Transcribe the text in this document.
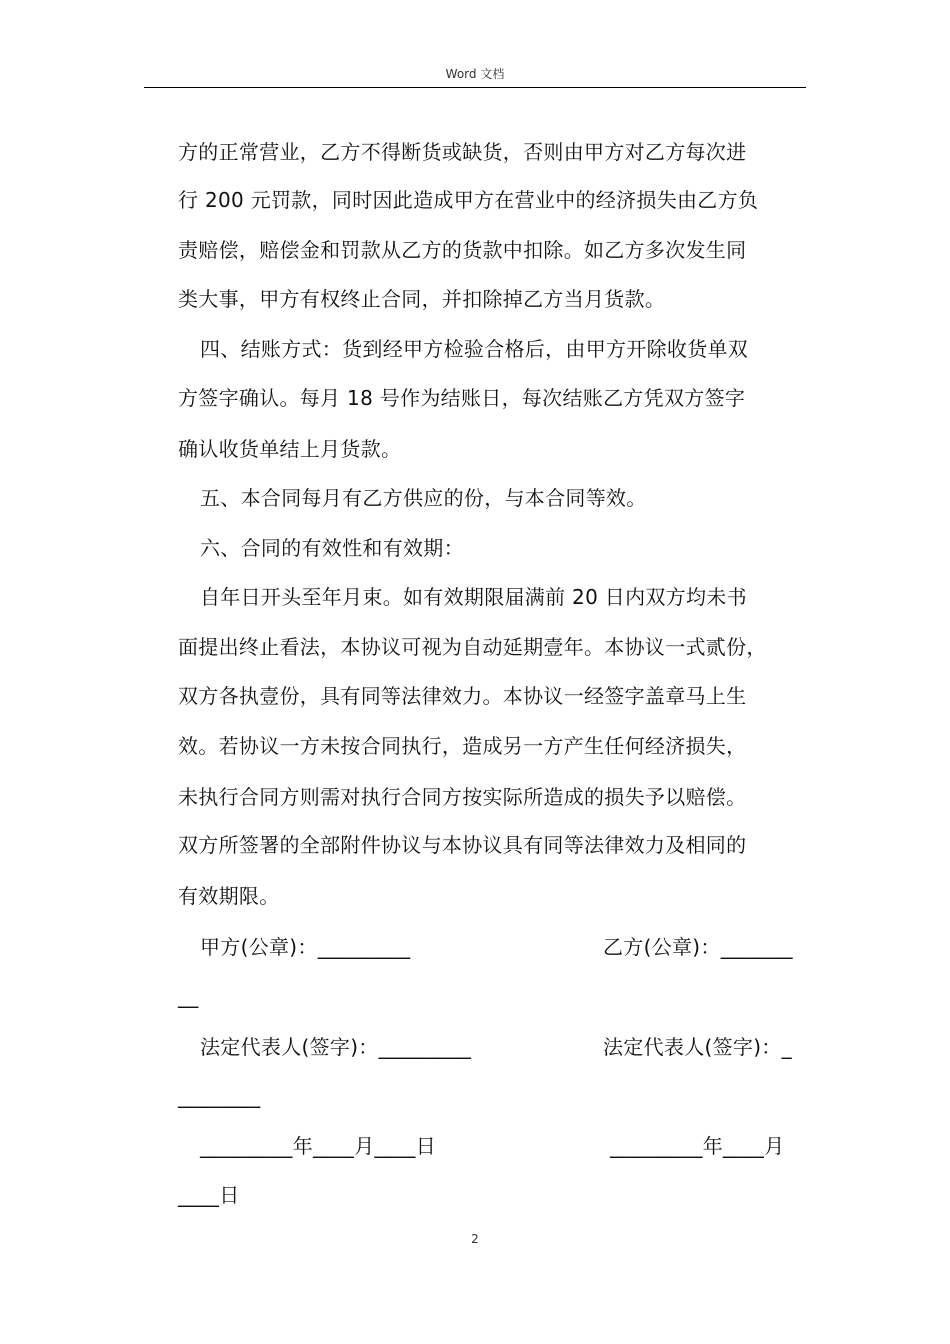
Word 文档
方的正常营业，乙方不得断货或缺货，否则由甲方对乙方每次进
行 200 元罚款，同时因此造成甲方在营业中的经济损失由乙方负
责赔偿，赔偿金和罚款从乙方的货款中扣除。如乙方多次发生同
类大事，甲方有权终止合同，并扣除掉乙方当月货款。
四、结账方式：货到经甲方检验合格后，由甲方开除收货单双
方签字确认。每月 18 号作为结账日，每次结账乙方凭双方签字
确认收货单结上月货款。
五、本合同每月有乙方供应的份，与本合同等效。
六、合同的有效性和有效期：
自年日开头至年月束。如有效期限届满前 20 日内双方均未书
面提出终止看法，本协议可视为自动延期壹年。本协议一式贰份，
双方各执壹份，具有同等法律效力。本协议一经签字盖章马上生
效。若协议一方未按合同执行，造成另一方产生任何经济损失，
未执行合同方则需对执行合同方按实际所造成的损失予以赔偿。
双方所签署的全部附件协议与本协议具有同等法律效力及相同的
有效期限。
甲方(公章)：_________	乙方(公章)：_______
__
法定代表人(签字)：_________	法定代表人(签字)：_
________
_________年____月____日	_________年____月
____日
2
